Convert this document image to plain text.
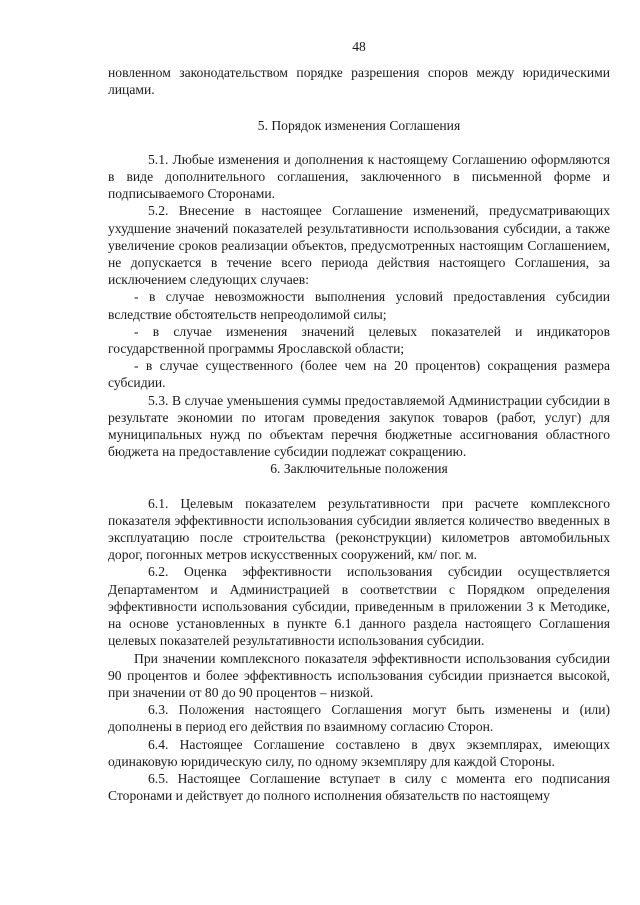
48

новленном законодательством порядке разрешения споров между юридическими лицами.

5. Порядок изменения Соглашения

5.1. Любые изменения и дополнения к настоящему Соглашению оформляются в виде дополнительного соглашения, заключенного в письменной форме и подписываемого Сторонами.

5.2. Внесение в настоящее Соглашение изменений, предусматривающих ухудшение значений показателей результативности использования субсидии, а также увеличение сроков реализации объектов, предусмотренных настоящим Соглашением, не допускается в течение всего периода действия настоящего Соглашения, за исключением следующих случаев:

- в случае невозможности выполнения условий предоставления субсидии вследствие обстоятельств непреодолимой силы;

- в случае изменения значений целевых показателей и индикаторов государственной программы Ярославской области;

- в случае существенного (более чем на 20 процентов) сокращения размера субсидии.

5.3. В случае уменьшения суммы предоставляемой Администрации субсидии в результате экономии по итогам проведения закупок товаров (работ, услуг) для муниципальных нужд по объектам перечня бюджетные ассигнования областного бюджета на предоставление субсидии подлежат сокращению.

6. Заключительные положения

6.1. Целевым показателем результативности при расчете комплексного показателя эффективности использования субсидии является количество введенных в эксплуатацию после строительства (реконструкции) километров автомобильных дорог, погонных метров искусственных сооружений, км/ пог. м.

6.2. Оценка эффективности использования субсидии осуществляется Департаментом и Администрацией в соответствии с Порядком определения эффективности использования субсидии, приведенным в приложении 3 к Методике, на основе установленных в пункте 6.1 данного раздела настоящего Соглашения целевых показателей результативности использования субсидии.

При значении комплексного показателя эффективности использования субсидии 90 процентов и более эффективность использования субсидии признается высокой, при значении от 80 до 90 процентов – низкой.

6.3. Положения настоящего Соглашения могут быть изменены и (или) дополнены в период его действия по взаимному согласию Сторон.

6.4. Настоящее Соглашение составлено в двух экземплярах, имеющих одинаковую юридическую силу, по одному экземпляру для каждой Стороны.

6.5. Настоящее Соглашение вступает в силу с момента его подписания Сторонами и действует до полного исполнения обязательств по настоящему
